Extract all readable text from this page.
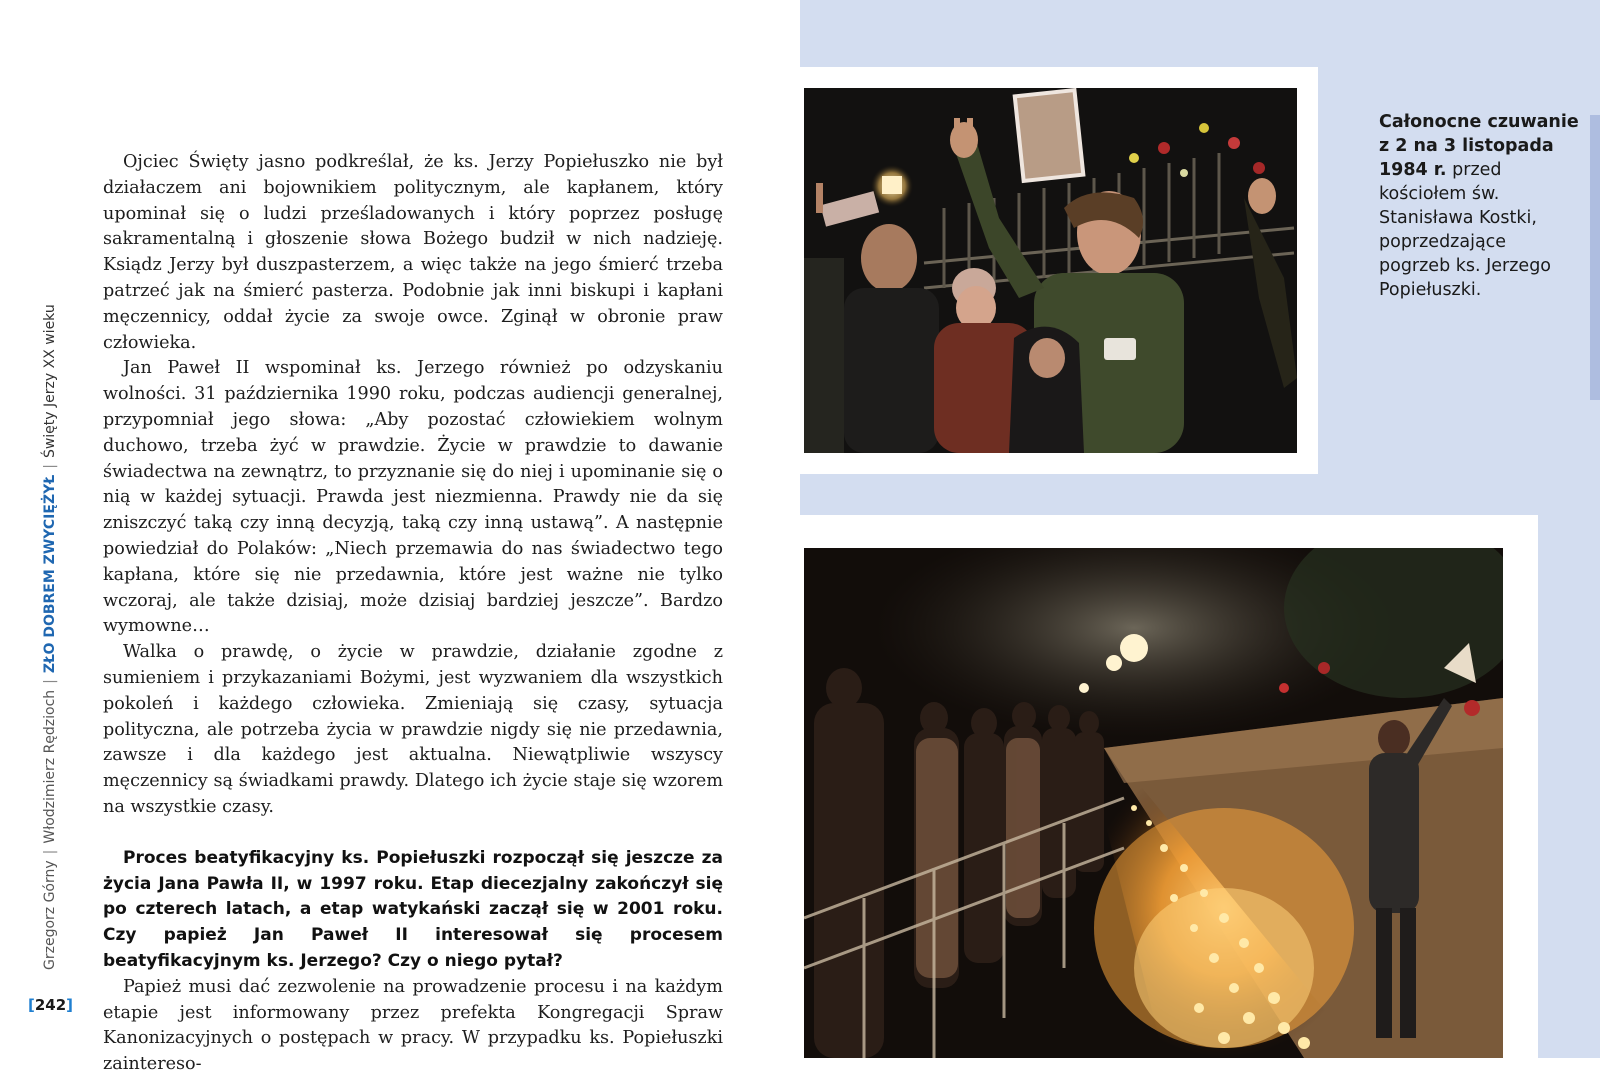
Całonocne czuwanie z 2 na 3 listopada 1984 r. przed kościołem św. Stanisława Kostki, poprzedzające pogrzeb ks. Jerzego Popiełuszki.

Ojciec Święty jasno podkreślał, że ks. Jerzy Popiełuszko nie był działaczem ani bojownikiem politycznym, ale kapłanem, który upominał się o ludzi prześladowanych i który poprzez posługę sakramentalną i głoszenie słowa Bożego budził w nich nadzieję. Ksiądz Jerzy był duszpasterzem, a więc także na jego śmierć trzeba patrzeć jak na śmierć pasterza. Podobnie jak inni biskupi i kapłani męczennicy, oddał życie za swoje owce. Zginął w obronie praw człowieka.

Jan Paweł II wspominał ks. Jerzego również po odzyskaniu wolności. 31 października 1990 roku, podczas audiencji generalnej, przypomniał jego słowa: „Aby pozostać człowiekiem wolnym duchowo, trzeba żyć w prawdzie. Życie w prawdzie to dawanie świadectwa na zewnątrz, to przyznanie się do niej i upominanie się o nią w każdej sytuacji. Prawda jest niezmienna. Prawdy nie da się zniszczyć taką czy inną decyzją, taką czy inną ustawą”. A następnie powiedział do Polaków: „Niech przemawia do nas świadectwo tego kapłana, które się nie przedawnia, które jest ważne nie tylko wczoraj, ale także dzisiaj, może dzisiaj bardziej jeszcze”. Bardzo wymowne…

Walka o prawdę, o życie w prawdzie, działanie zgodne z sumieniem i przykazaniami Bożymi, jest wyzwaniem dla wszystkich pokoleń i każdego człowieka. Zmieniają się czasy, sytuacja polityczna, ale potrzeba życia w prawdzie nigdy się nie przedawnia, zawsze i dla każdego jest aktualna. Niewątpliwie wszyscy męczennicy są świadkami prawdy. Dlatego ich życie staje się wzorem na wszystkie czasy.

Proces beatyfikacyjny ks. Popiełuszki rozpoczął się jeszcze za życia Jana Pawła II, w 1997 roku. Etap diecezjalny zakończył się po czterech latach, a etap watykański zaczął się w 2001 roku. Czy papież Jan Paweł II interesował się procesem beatyfikacyjnym ks. Jerzego? Czy o niego pytał?

Papież musi dać zezwolenie na prowadzenie procesu i na każdym etapie jest informowany przez prefekta Kongregacji Spraw Kanonizacyjnych o postępach w pracy. W przypadku ks. Popiełuszki zaintereso-

Grzegorz Górny|Włodzimierz Rędzioch|ZŁO DOBREM ZWYCIĘŻYŁ|Święty Jerzy XX wieku
[242]
